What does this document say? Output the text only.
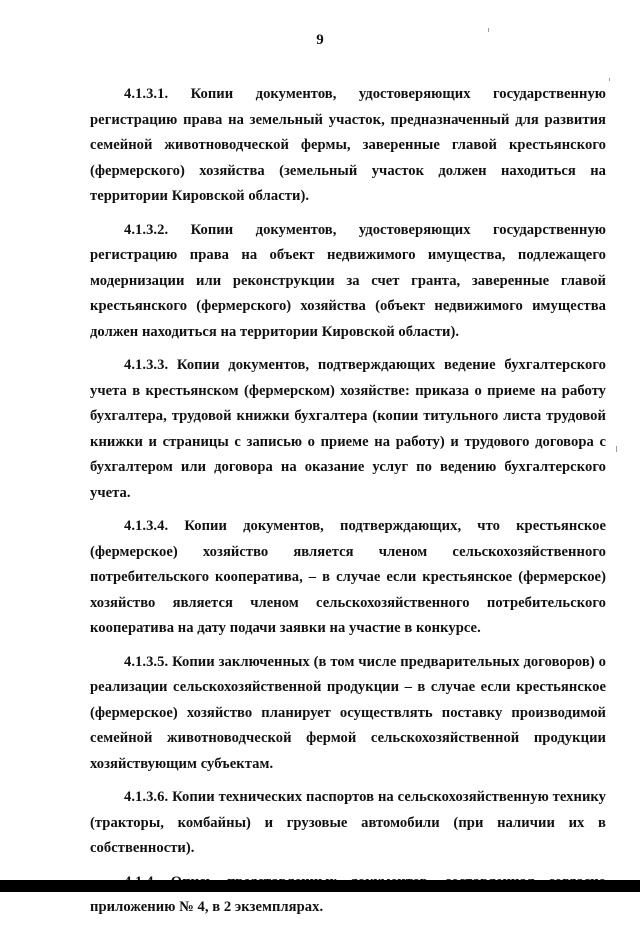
9

4.1.3.1. Копии документов, удостоверяющих государственную регистрацию права на земельный участок, предназначенный для развития семейной животноводческой фермы, заверенные главой крестьянского (фермерского) хозяйства (земельный участок должен находиться на территории Кировской области).

4.1.3.2. Копии документов, удостоверяющих государственную регистрацию права на объект недвижимого имущества, подлежащего модернизации или реконструкции за счет гранта, заверенные главой крестьянского (фермерского) хозяйства (объект недвижимого имущества должен находиться на территории Кировской области).

4.1.3.3. Копии документов, подтверждающих ведение бухгалтерского учета в крестьянском (фермерском) хозяйстве: приказа о приеме на работу бухгалтера, трудовой книжки бухгалтера (копии титульного листа трудовой книжки и страницы с записью о приеме на работу) и трудового договора с бухгалтером или договора на оказание услуг по ведению бухгалтерского учета.

4.1.3.4. Копии документов, подтверждающих, что крестьянское (фермерское) хозяйство является членом сельскохозяйственного потребительского кооператива, – в случае если крестьянское (фермерское) хозяйство является членом сельскохозяйственного потребительского кооператива на дату подачи заявки на участие в конкурсе.

4.1.3.5. Копии заключенных (в том числе предварительных договоров) о реализации сельскохозяйственной продукции – в случае если крестьянское (фермерское) хозяйство планирует осуществлять поставку производимой семейной животноводческой фермой сельскохозяйственной продукции хозяйствующим субъектам.

4.1.3.6. Копии технических паспортов на сельскохозяйственную технику (тракторы, комбайны) и грузовые автомобили (при наличии их в собственности).

приложению № 4, в 2 экземплярах.
